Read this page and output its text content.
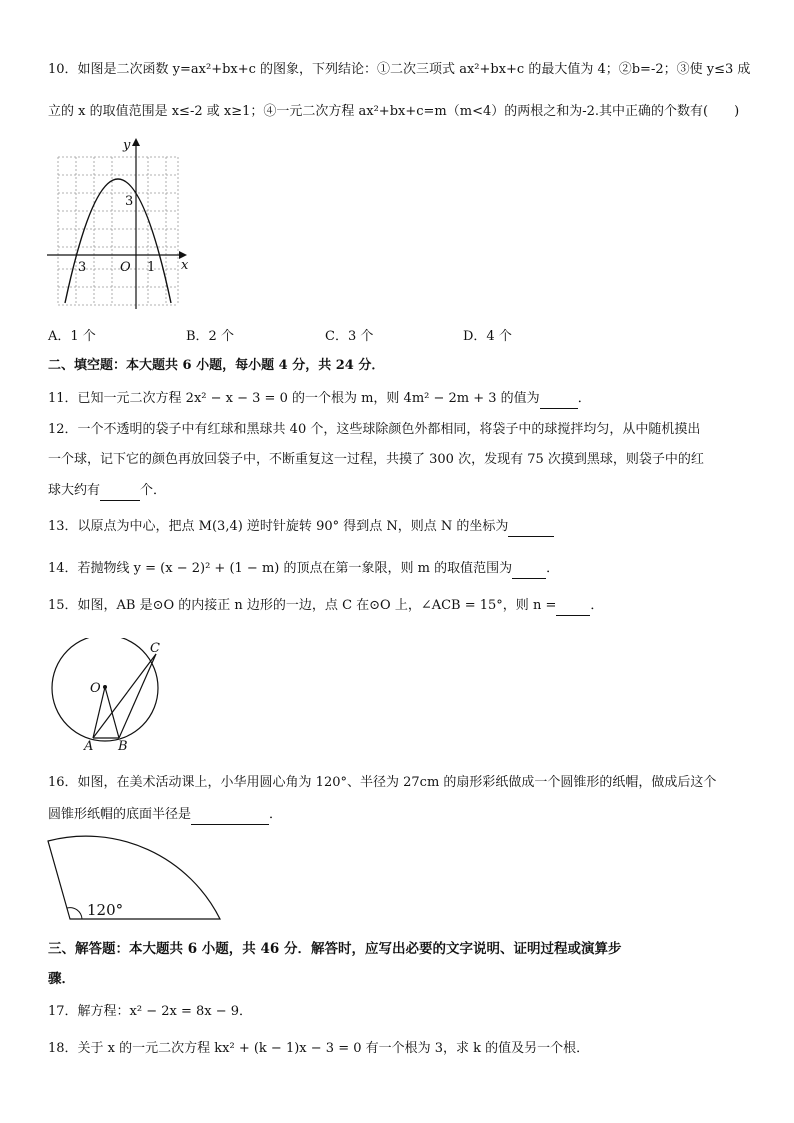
10．如图是二次函数 y=ax²+bx+c 的图象，下列结论：①二次三项式 ax²+bx+c 的最大值为 4；②b=-2；③使 y≤3 成
立的 x 的取值范围是 x≤-2 或 x≥1；④一元二次方程 ax²+bx+c=m（m<4）的两根之和为-2.其中正确的个数有(　　)
y
x
O
3	1
3
A．1 个	B．2 个	C．3 个	D．4 个
二、填空题：本大题共 6 小题，每小题 4 分，共 24 分．
11．已知一元二次方程 2x² − x − 3 = 0 的一个根为 m，则 4m² − 2m + 3 的值为	．
12．一个不透明的袋子中有红球和黑球共 40 个，这些球除颜色外都相同，将袋子中的球搅拌均匀，从中随机摸出
一个球，记下它的颜色再放回袋子中，不断重复这一过程，共摸了 300 次，发现有 75 次摸到黑球，则袋子中的红
球大约有	个．
13．以原点为中心，把点 M(3,4) 逆时针旋转 90° 得到点 N，则点 N 的坐标为
14．若抛物线 y = (x − 2)² + (1 − m) 的顶点在第一象限，则 m 的取值范围为	．
15．如图，AB 是⊙O 的内接正 n 边形的一边，点 C 在⊙O 上，∠ACB = 15°，则 n =	．
O
A B
C
16．如图，在美术活动课上，小华用圆心角为 120°、半径为 27cm 的扇形彩纸做成一个圆锥形的纸帽，做成后这个
圆锥形纸帽的底面半径是	．
120°
三、解答题：本大题共 6 小题，共 46 分．解答时，应写出必要的文字说明、证明过程或演算步
骤．
17．解方程：x² − 2x = 8x − 9．
18．关于 x 的一元二次方程 kx² + (k − 1)x − 3 = 0 有一个根为 3，求 k 的值及另一个根．
